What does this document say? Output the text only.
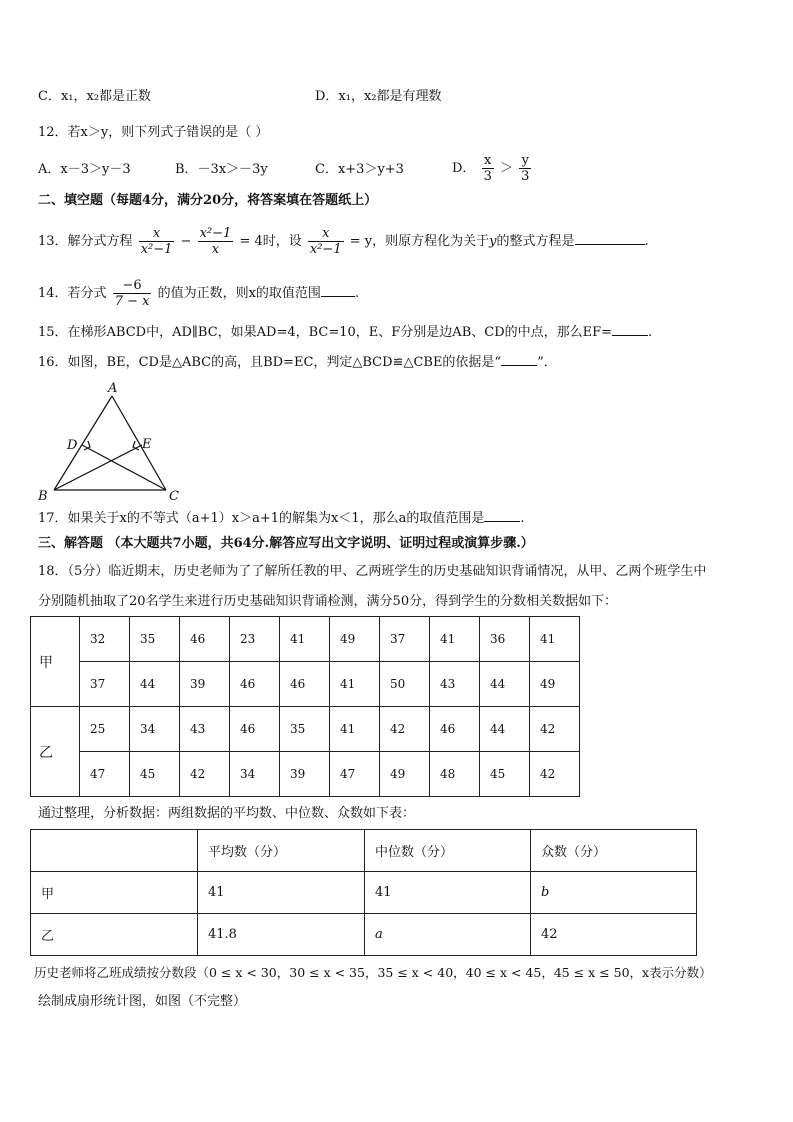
C．x₁，x₂都是正数	D．x₁，x₂都是有理数
12．若x＞y，则下列式子错误的是（ ）
A．x－3＞y－3	B．－3x＞－3y	C．x+3＞y+3	D． $\frac{x}{3} > \frac{y}{3}$
二、填空题（每题4分，满分20分，将答案填在答题纸上）
13．解分式方程 $\frac{x}{\text{x²−1}} - \frac{\text{x²−1}}{x} = 4$时，设 $\frac{x}{\text{x²−1}} = y$，则原方程化为关于y的整式方程是	.
14．若分式 $\frac{-6}{7 - x}$ 的值为正数，则x的取值范围	.
15．在梯形ABCD中，AD∥BC，如果AD=4，BC=10，E、F分别是边AB、CD的中点，那么EF=	.
16．如图，BE，CD是△ABC的高，且BD=EC，判定△BCD≌△CBE的依据是“	”．
A
B	C
D	E
17．如果关于x的不等式（a+1）x＞a+1的解集为x＜1，那么a的取值范围是	.
三、解答题 （本大题共7小题，共64分.解答应写出文字说明、证明过程或演算步骤.）
18．（5分）临近期末，历史老师为了了解所任教的甲、乙两班学生的历史基础知识背诵情况，从甲、乙两个班学生中
分别随机抽取了20名学生来进行历史基础知识背诵检测，满分50分，得到学生的分数相关数据如下：
甲	32	35	46	23	41	49	37	41	36	41
	37	44	39	46	46	41	50	43	44	49
乙	25	34	43	46	35	41	42	46	44	42
	47	45	42	34	39	47	49	48	45	42
通过整理，分析数据：两组数据的平均数、中位数、众数如下表：
	平均数（分）	中位数（分）	众数（分）
甲	41	41	b
乙	41.8	a	42
历史老师将乙班成绩按分数段（0 ≤ x < 30，30 ≤ x < 35，35 ≤ x < 40，40 ≤ x < 45，45 ≤ x ≤ 50，x表示分数）
绘制成扇形统计图，如图（不完整）
